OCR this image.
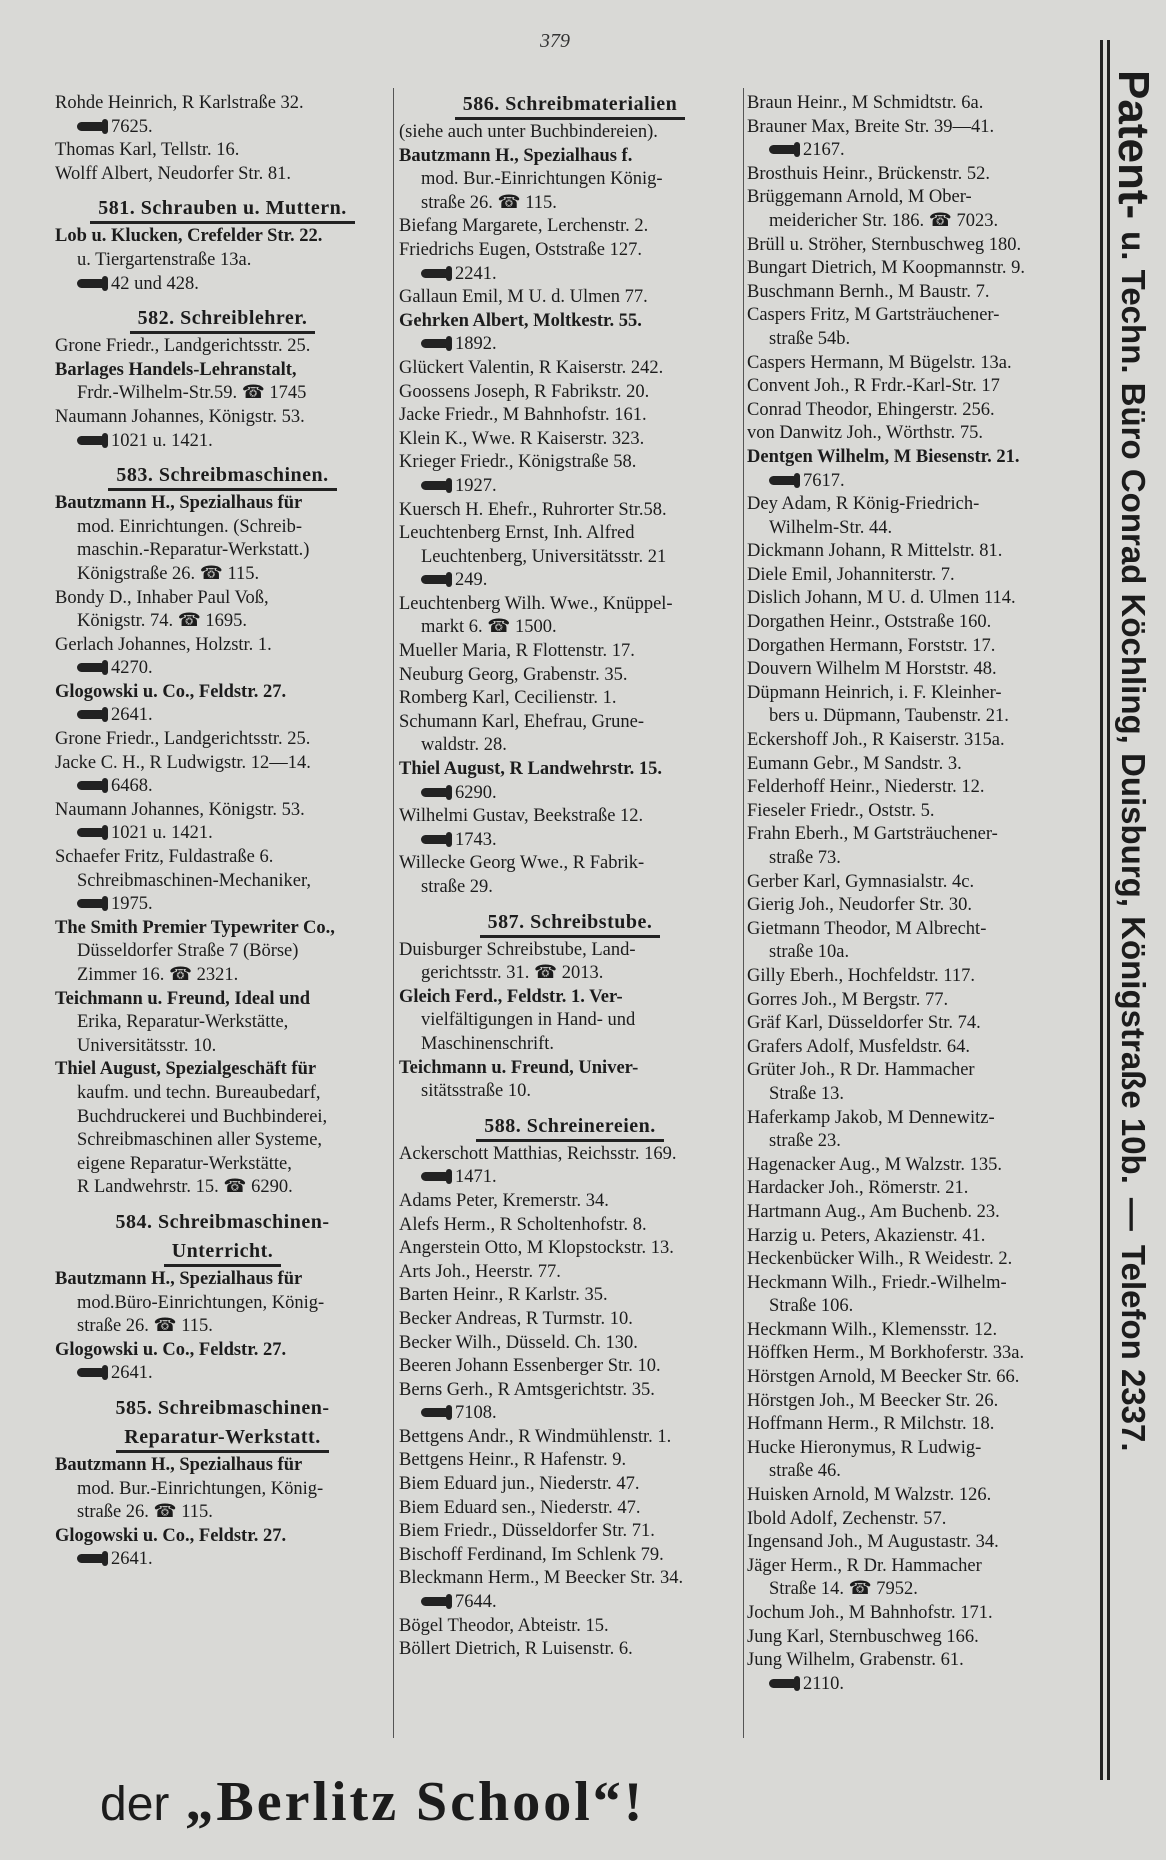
379
Rohde Heinrich, R Karlstraße 32.
7625.
Thomas Karl, Tellstr. 16.
Wolff Albert, Neudorfer Str. 81.
581. Schrauben u. Muttern.
Lob u. Klucken, Crefelder Str. 22.
u. Tiergartenstraße 13a.
42 und 428.
582. Schreiblehrer.
Grone Friedr., Landgerichtsstr. 25.
Barlages Handels-Lehranstalt,
Frdr.-Wilhelm-Str.59. ☎ 1745
Naumann Johannes, Königstr. 53.
1021 u. 1421.
583. Schreibmaschinen.
Bautzmann H., Spezialhaus für
mod. Einrichtungen. (Schreib-
maschin.-Reparatur-Werkstatt.)
Königstraße 26. ☎ 115.
Bondy D., Inhaber Paul Voß,
Königstr. 74. ☎ 1695.
Gerlach Johannes, Holzstr. 1.
4270.
Glogowski u. Co., Feldstr. 27.
2641.
Grone Friedr., Landgerichtsstr. 25.
Jacke C. H., R Ludwigstr. 12—14.
6468.
Naumann Johannes, Königstr. 53.
1021 u. 1421.
Schaefer Fritz, Fuldastraße 6.
Schreibmaschinen-Mechaniker,
1975.
The Smith Premier Typewriter Co.,
Düsseldorfer Straße 7 (Börse)
Zimmer 16. ☎ 2321.
Teichmann u. Freund, Ideal und
Erika, Reparatur-Werkstätte,
Universitätsstr. 10.
Thiel August, Spezialgeschäft für
kaufm. und techn. Bureaubedarf,
Buchdruckerei und Buchbinderei,
Schreibmaschinen aller Systeme,
eigene Reparatur-Werkstätte,
R Landwehrstr. 15. ☎ 6290.
584. Schreibmaschinen-
Unterricht.
Bautzmann H., Spezialhaus für
mod.Büro-Einrichtungen, König-
straße 26. ☎ 115.
Glogowski u. Co., Feldstr. 27.
2641.
585. Schreibmaschinen-
Reparatur-Werkstatt.
Bautzmann H., Spezialhaus für
mod. Bur.-Einrichtungen, König-
straße 26. ☎ 115.
Glogowski u. Co., Feldstr. 27.
2641.
586. Schreibmaterialien
(siehe auch unter Buchbindereien).
Bautzmann H., Spezialhaus f.
mod. Bur.-Einrichtungen König-
straße 26. ☎ 115.
Biefang Margarete, Lerchenstr. 2.
Friedrichs Eugen, Oststraße 127.
2241.
Gallaun Emil, M U. d. Ulmen 77.
Gehrken Albert, Moltkestr. 55.
1892.
Glückert Valentin, R Kaiserstr. 242.
Goossens Joseph, R Fabrikstr. 20.
Jacke Friedr., M Bahnhofstr. 161.
Klein K., Wwe. R Kaiserstr. 323.
Krieger Friedr., Königstraße 58.
1927.
Kuersch H. Ehefr., Ruhrorter Str.58.
Leuchtenberg Ernst, Inh. Alfred
Leuchtenberg, Universitätsstr. 21
249.
Leuchtenberg Wilh. Wwe., Knüppel-
markt 6. ☎ 1500.
Mueller Maria, R Flottenstr. 17.
Neuburg Georg, Grabenstr. 35.
Romberg Karl, Cecilienstr. 1.
Schumann Karl, Ehefrau, Grune-
waldstr. 28.
Thiel August, R Landwehrstr. 15.
6290.
Wilhelmi Gustav, Beekstraße 12.
1743.
Willecke Georg Wwe., R Fabrik-
straße 29.
587. Schreibstube.
Duisburger Schreibstube, Land-
gerichtsstr. 31. ☎ 2013.
Gleich Ferd., Feldstr. 1. Ver-
vielfältigungen in Hand- und
Maschinenschrift.
Teichmann u. Freund, Univer-
sitätsstraße 10.
588. Schreinereien.
Ackerschott Matthias, Reichsstr. 169.
1471.
Adams Peter, Kremerstr. 34.
Alefs Herm., R Scholtenhofstr. 8.
Angerstein Otto, M Klopstockstr. 13.
Arts Joh., Heerstr. 77.
Barten Heinr., R Karlstr. 35.
Becker Andreas, R Turmstr. 10.
Becker Wilh., Düsseld. Ch. 130.
Beeren Johann Essenberger Str. 10.
Berns Gerh., R Amtsgerichtstr. 35.
7108.
Bettgens Andr., R Windmühlenstr. 1.
Bettgens Heinr., R Hafenstr. 9.
Biem Eduard jun., Niederstr. 47.
Biem Eduard sen., Niederstr. 47.
Biem Friedr., Düsseldorfer Str. 71.
Bischoff Ferdinand, Im Schlenk 79.
Bleckmann Herm., M Beecker Str. 34.
7644.
Bögel Theodor, Abteistr. 15.
Böllert Dietrich, R Luisenstr. 6.
Braun Heinr., M Schmidtstr. 6a.
Brauner Max, Breite Str. 39—41.
2167.
Brosthuis Heinr., Brückenstr. 52.
Brüggemann Arnold, M Ober-
meidericher Str. 186. ☎ 7023.
Brüll u. Ströher, Sternbuschweg 180.
Bungart Dietrich, M Koopmannstr. 9.
Buschmann Bernh., M Baustr. 7.
Caspers Fritz, M Gartsträuchener-
straße 54b.
Caspers Hermann, M Bügelstr. 13a.
Convent Joh., R Frdr.-Karl-Str. 17
Conrad Theodor, Ehingerstr. 256.
von Danwitz Joh., Wörthstr. 75.
Dentgen Wilhelm, M Biesenstr. 21.
7617.
Dey Adam, R König-Friedrich-
Wilhelm-Str. 44.
Dickmann Johann, R Mittelstr. 81.
Diele Emil, Johanniterstr. 7.
Dislich Johann, M U. d. Ulmen 114.
Dorgathen Heinr., Oststraße 160.
Dorgathen Hermann, Forststr. 17.
Douvern Wilhelm M Horststr. 48.
Düpmann Heinrich, i. F. Kleinher-
bers u. Düpmann, Taubenstr. 21.
Eckershoff Joh., R Kaiserstr. 315a.
Eumann Gebr., M Sandstr. 3.
Felderhoff Heinr., Niederstr. 12.
Fieseler Friedr., Oststr. 5.
Frahn Eberh., M Gartsträuchener-
straße 73.
Gerber Karl, Gymnasialstr. 4c.
Gierig Joh., Neudorfer Str. 30.
Gietmann Theodor, M Albrecht-
straße 10a.
Gilly Eberh., Hochfeldstr. 117.
Gorres Joh., M Bergstr. 77.
Gräf Karl, Düsseldorfer Str. 74.
Grafers Adolf, Musfeldstr. 64.
Grüter Joh., R Dr. Hammacher
Straße 13.
Haferkamp Jakob, M Dennewitz-
straße 23.
Hagenacker Aug., M Walzstr. 135.
Hardacker Joh., Römerstr. 21.
Hartmann Aug., Am Buchenb. 23.
Harzig u. Peters, Akazienstr. 41.
Heckenbücker Wilh., R Weidestr. 2.
Heckmann Wilh., Friedr.-Wilhelm-
Straße 106.
Heckmann Wilh., Klemensstr. 12.
Höffken Herm., M Borkhoferstr. 33a.
Hörstgen Arnold, M Beecker Str. 66.
Hörstgen Joh., M Beecker Str. 26.
Hoffmann Herm., R Milchstr. 18.
Hucke Hieronymus, R Ludwig-
straße 46.
Huisken Arnold, M Walzstr. 126.
Ibold Adolf, Zechenstr. 57.
Ingensand Joh., M Augustastr. 34.
Jäger Herm., R Dr. Hammacher
Straße 14. ☎ 7952.
Jochum Joh., M Bahnhofstr. 171.
Jung Karl, Sternbuschweg 166.
Jung Wilhelm, Grabenstr. 61.
2110.
Patent-
u. Techn. Büro Conrad Köchling, Duisburg, Königstraße 10b.
—
Telefon 2337.
der „Berlitz School“!
